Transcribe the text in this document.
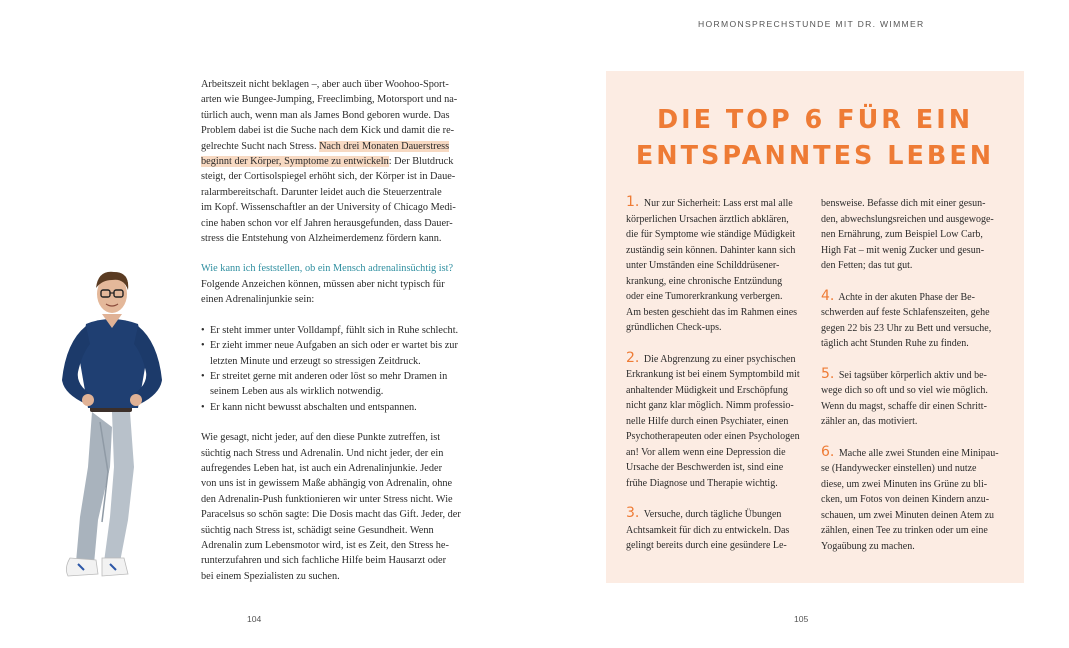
HORMONSPRECHSTUNDE MIT DR. WIMMER

Arbeitszeit nicht beklagen –, aber auch über Woohoo-Sport-
arten wie Bungee-Jumping, Freeclimbing, Motorsport und na-
türlich auch, wenn man als James Bond geboren wurde. Das
Problem dabei ist die Suche nach dem Kick und damit die re-
gelrechte Sucht nach Stress. Nach drei Monaten Dauerstress
beginnt der Körper, Symptome zu entwickeln: Der Blutdruck
steigt, der Cortisolspiegel erhöht sich, der Körper ist in Daue-
ralarmbereitschaft. Darunter leidet auch die Steuerzentrale
im Kopf. Wissenschaftler an der University of Chicago Medi-
cine haben schon vor elf Jahren herausgefunden, dass Dauer-
stress die Entstehung von Alzheimerdemenz fördern kann.

Wie kann ich feststellen, ob ein Mensch adrenalinsüchtig ist?

Folgende Anzeichen können, müssen aber nicht typisch für
einen Adrenalinjunkie sein:

• Er steht immer unter Volldampf, fühlt sich in Ruhe schlecht.
• Er zieht immer neue Aufgaben an sich oder er wartet bis zur
letzten Minute und erzeugt so stressigen Zeitdruck.
• Er streitet gerne mit anderen oder löst so mehr Dramen in
seinem Leben aus als wirklich notwendig.
• Er kann nicht bewusst abschalten und entspannen.

Wie gesagt, nicht jeder, auf den diese Punkte zutreffen, ist
süchtig nach Stress und Adrenalin. Und nicht jeder, der ein
aufregendes Leben hat, ist auch ein Adrenalinjunkie. Jeder
von uns ist in gewissem Maße abhängig von Adrenalin, ohne
den Adrenalin-Push funktionieren wir unter Stress nicht. Wie
Paracelsus so schön sagte: Die Dosis macht das Gift. Jeder, der
süchtig nach Stress ist, schädigt seine Gesundheit. Wenn
Adrenalin zum Lebensmotor wird, ist es Zeit, den Stress he-
runterzufahren und sich fachliche Hilfe beim Hausarzt oder
bei einem Spezialisten zu suchen.

104
DIE TOP 6 FÜR EIN
ENTSPANNTES LEBEN

1. Nur zur Sicherheit: Lass erst mal alle
körperlichen Ursachen ärztlich abklären,
die für Symptome wie ständige Müdigkeit
zuständig sein können. Dahinter kann sich
unter Umständen eine Schilddrüsener-
krankung, eine chronische Entzündung
oder eine Tumorerkrankung verbergen.
Am besten geschieht das im Rahmen eines
gründlichen Check-ups.

2. Die Abgrenzung zu einer psychischen
Erkrankung ist bei einem Symptombild mit
anhaltender Müdigkeit und Erschöpfung
nicht ganz klar möglich. Nimm professio-
nelle Hilfe durch einen Psychiater, einen
Psychotherapeuten oder einen Psychologen
an! Vor allem wenn eine Depression die
Ursache der Beschwerden ist, sind eine
frühe Diagnose und Therapie wichtig.

3. Versuche, durch tägliche Übungen
Achtsamkeit für dich zu entwickeln. Das
gelingt bereits durch eine gesündere Le-

bensweise. Befasse dich mit einer gesun-
den, abwechslungsreichen und ausgewoge-
nen Ernährung, zum Beispiel Low Carb,
High Fat – mit wenig Zucker und gesun-
den Fetten; das tut gut.

4. Achte in der akuten Phase der Be-
schwerden auf feste Schlafenszeiten, gehe
gegen 22 bis 23 Uhr zu Bett und versuche,
täglich acht Stunden Ruhe zu finden.

5. Sei tagsüber körperlich aktiv und be-
wege dich so oft und so viel wie möglich.
Wenn du magst, schaffe dir einen Schritt-
zähler an, das motiviert.

6. Mache alle zwei Stunden eine Minipau-
se (Handywecker einstellen) und nutze
diese, um zwei Minuten ins Grüne zu bli-
cken, um Fotos von deinen Kindern anzu-
schauen, um zwei Minuten deinen Atem zu
zählen, einen Tee zu trinken oder um eine
Yogaübung zu machen.

105
